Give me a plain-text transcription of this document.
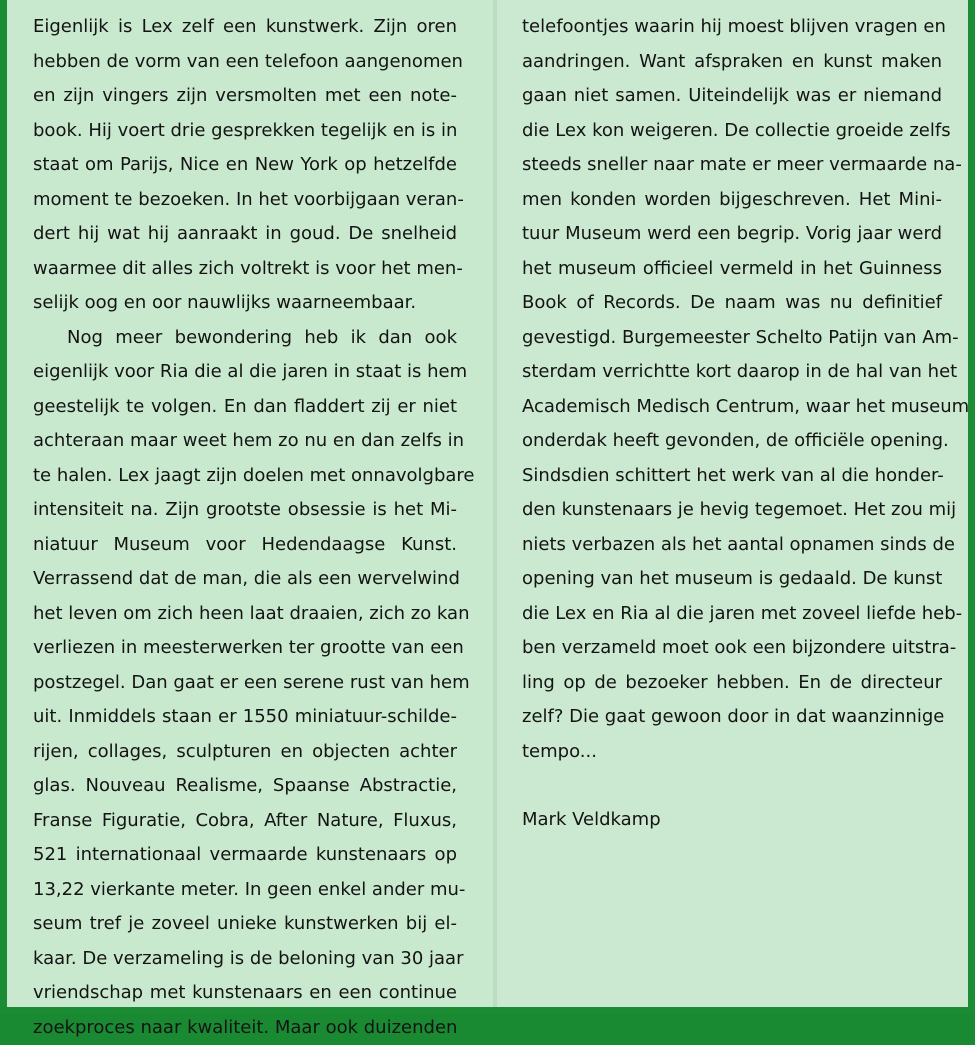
Eigenlijk is Lex zelf een kunstwerk. Zijn oren
hebben de vorm van een telefoon aangenomen
en zijn vingers zijn versmolten met een note-
book. Hij voert drie gesprekken tegelijk en is in
staat om Parijs, Nice en New York op hetzelfde
moment te bezoeken. In het voorbijgaan veran-
dert hij wat hij aanraakt in goud. De snelheid
waarmee dit alles zich voltrekt is voor het men-
selijk oog en oor nauwlijks waarneembaar.

Nog meer bewondering heb ik dan ook
eigenlijk voor Ria die al die jaren in staat is hem
geestelijk te volgen. En dan fladdert zij er niet
achteraan maar weet hem zo nu en dan zelfs in
te halen. Lex jaagt zijn doelen met onnavolgbare
intensiteit na. Zijn grootste obsessie is het Mi-
niatuur Museum voor Hedendaagse Kunst.
Verrassend dat de man, die als een wervelwind
het leven om zich heen laat draaien, zich zo kan
verliezen in meesterwerken ter grootte van een
postzegel. Dan gaat er een serene rust van hem
uit. Inmiddels staan er 1550 miniatuur-schilde-
rijen, collages, sculpturen en objecten achter
glas. Nouveau Realisme, Spaanse Abstractie,
Franse Figuratie, Cobra, After Nature, Fluxus,
521 internationaal vermaarde kunstenaars op
13,22 vierkante meter. In geen enkel ander mu-
seum tref je zoveel unieke kunstwerken bij el-
kaar. De verzameling is de beloning van 30 jaar
vriendschap met kunstenaars en een continue
zoekproces naar kwaliteit. Maar ook duizenden

telefoontjes waarin hij moest blijven vragen en
aandringen. Want afspraken en kunst maken
gaan niet samen. Uiteindelijk was er niemand
die Lex kon weigeren. De collectie groeide zelfs
steeds sneller naar mate er meer vermaarde na-
men konden worden bijgeschreven. Het Mini-
tuur Museum werd een begrip. Vorig jaar werd
het museum officieel vermeld in het Guinness
Book of Records. De naam was nu definitief
gevestigd. Burgemeester Schelto Patijn van Am-
sterdam verrichtte kort daarop in de hal van het
Academisch Medisch Centrum, waar het museum
onderdak heeft gevonden, de officiële opening.
Sindsdien schittert het werk van al die honder-
den kunstenaars je hevig tegemoet. Het zou mij
niets verbazen als het aantal opnamen sinds de
opening van het museum is gedaald. De kunst
die Lex en Ria al die jaren met zoveel liefde heb-
ben verzameld moet ook een bijzondere uitstra-
ling op de bezoeker hebben. En de directeur
zelf? Die gaat gewoon door in dat waanzinnige
tempo...

Mark Veldkamp
